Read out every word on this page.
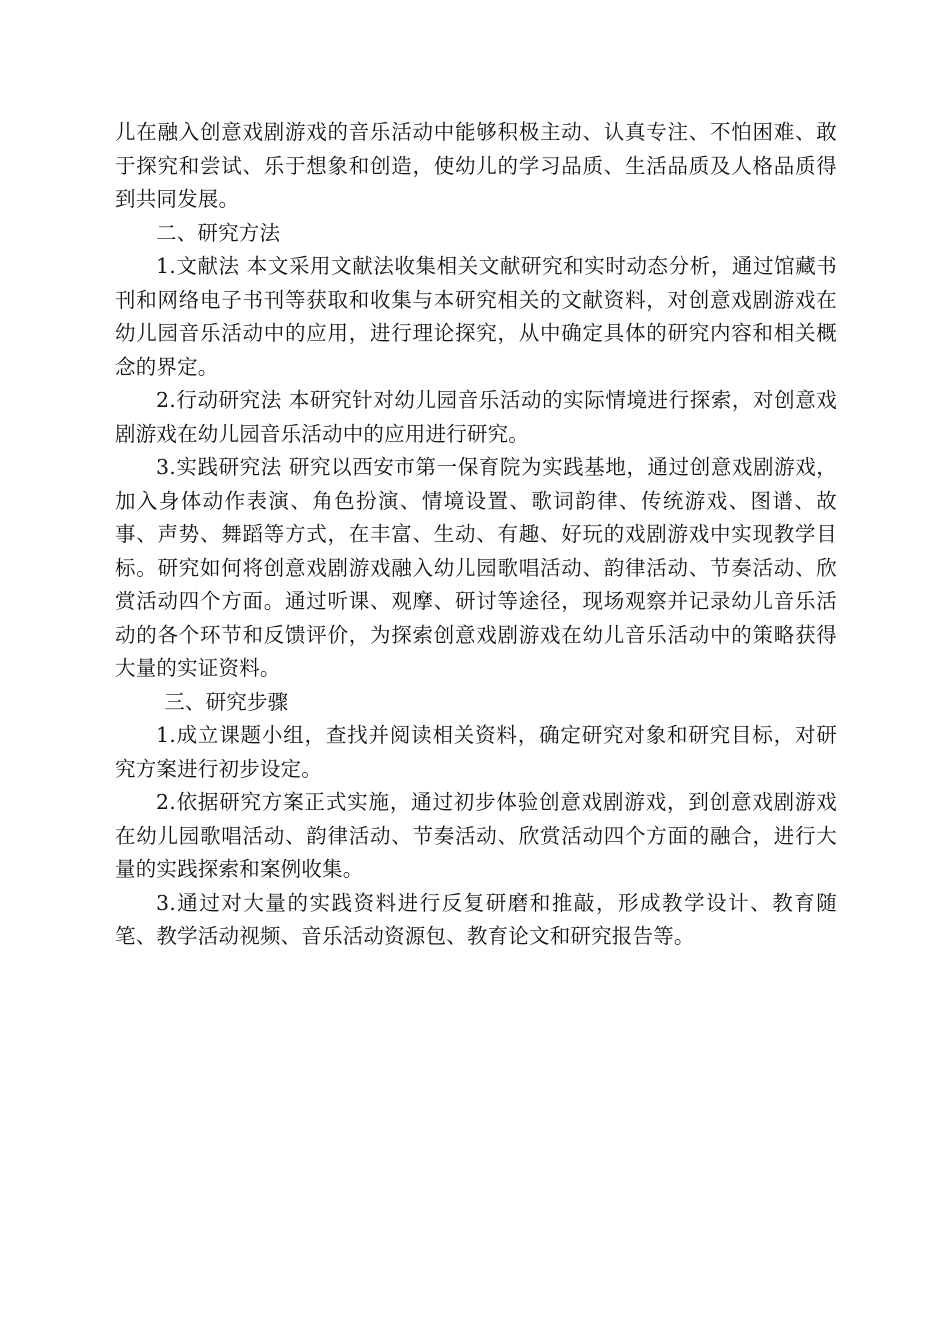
儿在融入创意戏剧游戏的音乐活动中能够积极主动、认真专注、不怕困难、敢于探究和尝试、乐于想象和创造，使幼儿的学习品质、生活品质及人格品质得到共同发展。

二、研究方法

1.文献法 本文采用文献法收集相关文献研究和实时动态分析，通过馆藏书刊和网络电子书刊等获取和收集与本研究相关的文献资料，对创意戏剧游戏在幼儿园音乐活动中的应用，进行理论探究，从中确定具体的研究内容和相关概念的界定。

2.行动研究法 本研究针对幼儿园音乐活动的实际情境进行探索，对创意戏剧游戏在幼儿园音乐活动中的应用进行研究。

3.实践研究法 研究以西安市第一保育院为实践基地，通过创意戏剧游戏，加入身体动作表演、角色扮演、情境设置、歌词韵律、传统游戏、图谱、故事、声势、舞蹈等方式，在丰富、生动、有趣、好玩的戏剧游戏中实现教学目标。研究如何将创意戏剧游戏融入幼儿园歌唱活动、韵律活动、节奏活动、欣赏活动四个方面。通过听课、观摩、研讨等途径，现场观察并记录幼儿音乐活动的各个环节和反馈评价，为探索创意戏剧游戏在幼儿音乐活动中的策略获得大量的实证资料。

三、研究步骤

1.成立课题小组，查找并阅读相关资料，确定研究对象和研究目标，对研究方案进行初步设定。

2.依据研究方案正式实施，通过初步体验创意戏剧游戏，到创意戏剧游戏在幼儿园歌唱活动、韵律活动、节奏活动、欣赏活动四个方面的融合，进行大量的实践探索和案例收集。

3.通过对大量的实践资料进行反复研磨和推敲，形成教学设计、教育随笔、教学活动视频、音乐活动资源包、教育论文和研究报告等。
